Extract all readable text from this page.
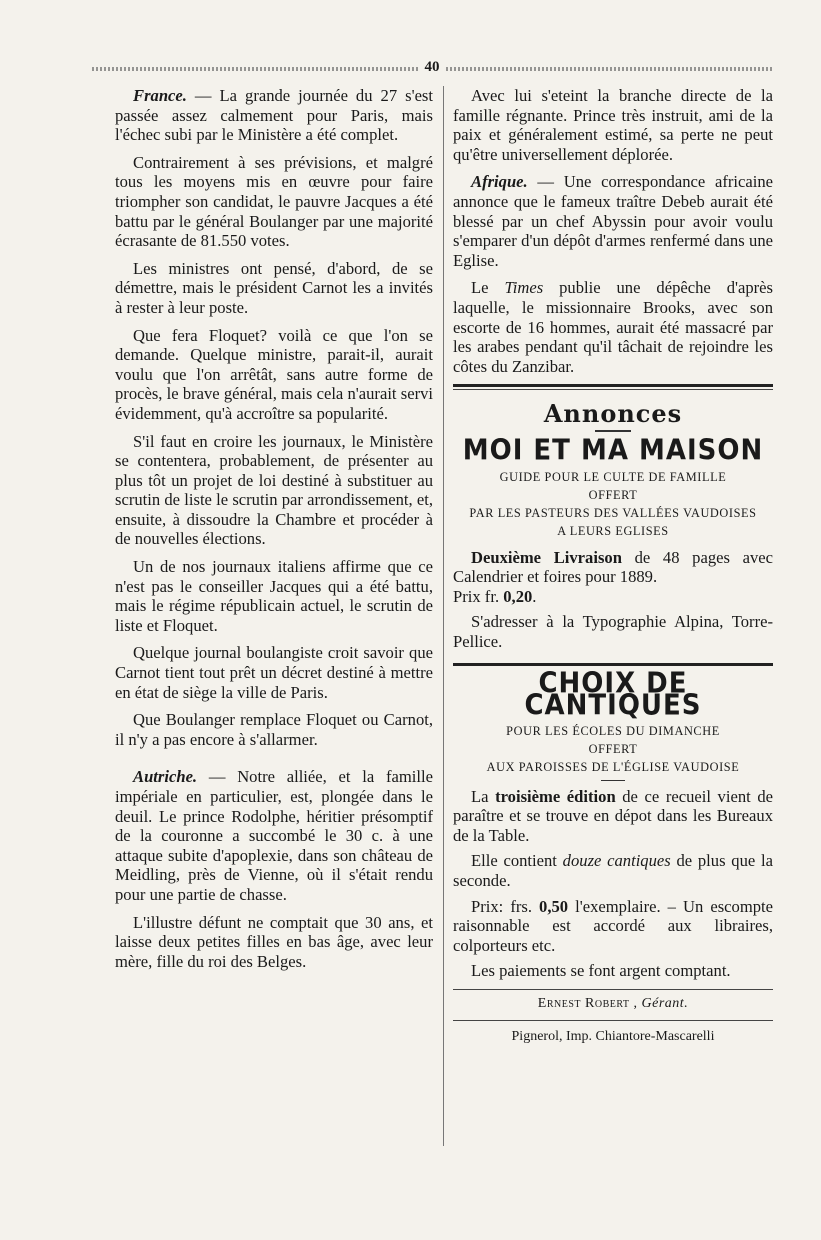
40

France. — La grande journée du 27 s'est passée assez calmement pour Paris, mais l'échec subi par le Ministère a été complet.

Contrairement à ses prévisions, et malgré tous les moyens mis en œuvre pour faire triompher son candidat, le pauvre Jacques a été battu par le général Boulanger par une majorité écrasante de 81.550 votes.

Les ministres ont pensé, d'abord, de se démettre, mais le président Carnot les a invités à rester à leur poste.

Que fera Floquet? voilà ce que l'on se demande. Quelque ministre, parait-il, aurait voulu que l'on arrêtât, sans autre forme de procès, le brave général, mais cela n'aurait servi évidemment, qu'à accroître sa popularité.

S'il faut en croire les journaux, le Ministère se contentera, probablement, de présenter au plus tôt un projet de loi destiné à substituer au scrutin de liste le scrutin par arrondissement, et, ensuite, à dissoudre la Chambre et procéder à de nouvelles élections.

Un de nos journaux italiens affirme que ce n'est pas le conseiller Jacques qui a été battu, mais le régime républicain actuel, le scrutin de liste et Floquet.

Quelque journal boulangiste croit savoir que Carnot tient tout prêt un décret destiné à mettre en état de siège la ville de Paris.

Que Boulanger remplace Floquet ou Carnot, il n'y a pas encore à s'allarmer.

Autriche. — Notre alliée, et la famille impériale en particulier, est, plongée dans le deuil. Le prince Rodolphe, héritier présomptif de la couronne a succombé le 30 c. à une attaque subite d'apoplexie, dans son château de Meidling, près de Vienne, où il s'était rendu pour une partie de chasse.

L'illustre défunt ne comptait que 30 ans, et laisse deux petites filles en bas âge, avec leur mère, fille du roi des Belges.

Avec lui s'eteint la branche directe de la famille régnante. Prince très instruit, ami de la paix et généralement estimé, sa perte ne peut qu'être universellement déplorée.

Afrique. — Une correspondance africaine annonce que le fameux traître Debeb aurait été blessé par un chef Abyssin pour avoir voulu s'emparer d'un dépôt d'armes renfermé dans une Eglise.

Le Times publie une dépêche d'après laquelle, le missionnaire Brooks, avec son escorte de 16 hommes, aurait été massacré par les arabes pendant qu'il tâchait de rejoindre les côtes du Zanzibar.

Annonces
MOI ET MA MAISON
GUIDE POUR LE CULTE DE FAMILLE
OFFERT
PAR LES PASTEURS DES VALLÉES VAUDOISES
A LEURS EGLISES

Deuxième Livraison de 48 pages avec Calendrier et foires pour 1889.
Prix fr. 0,20.

S'adresser à la Typographie Alpina, Torre-Pellice.

CHOIX DE CANTIQUES
POUR LES ÉCOLES DU DIMANCHE
OFFERT
AUX PAROISSES DE L'ÉGLISE VAUDOISE

La troisième édition de ce recueil vient de paraître et se trouve en dépot dans les Bureaux de la Table.

Elle contient douze cantiques de plus que la seconde.

Prix: frs. 0,50 l'exemplaire. – Un escompte raisonnable est accordé aux libraires, colporteurs etc.

Les paiements se font argent comptant.

Ernest Robert , Gérant.
Pignerol, Imp. Chiantore-Mascarelli
